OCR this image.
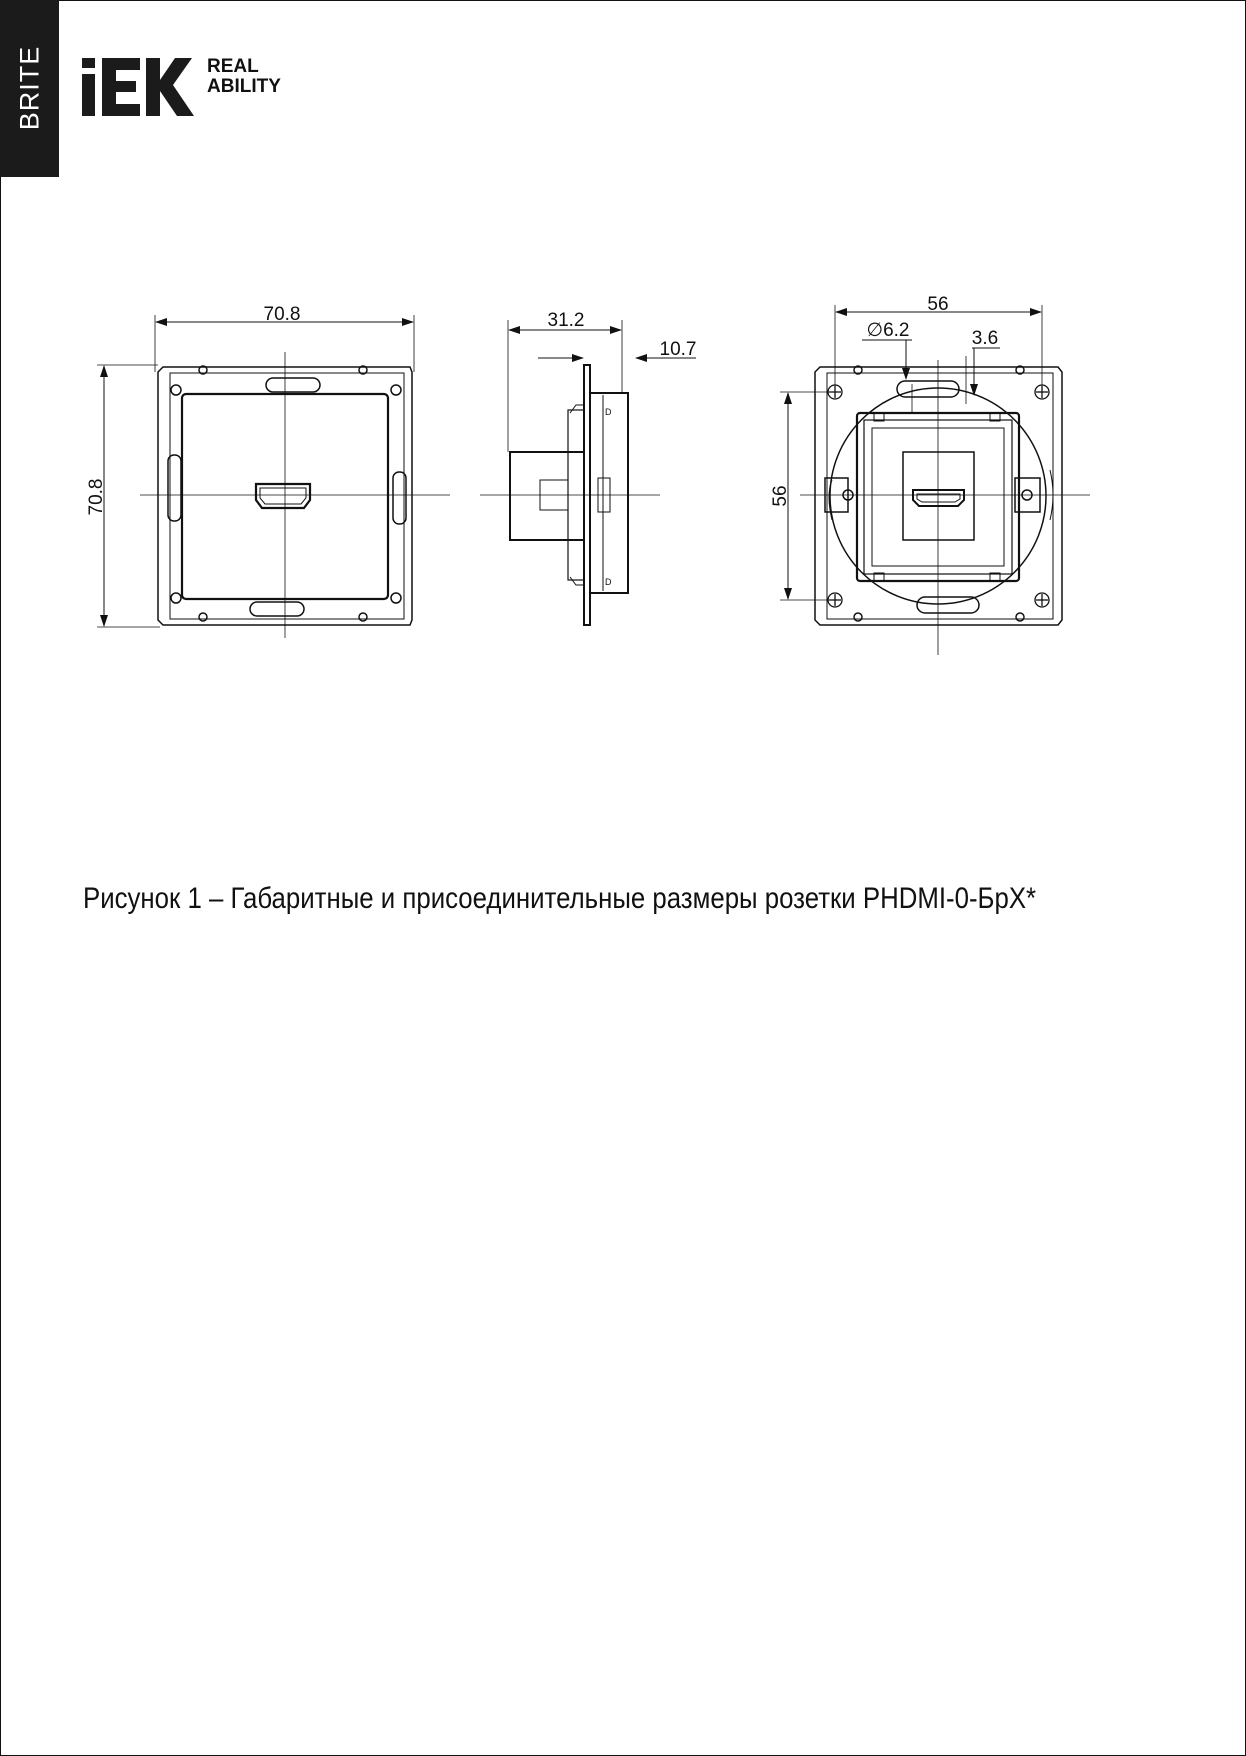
BRITE	REAL
ABILITY
70.8
70.8
D
D
31.2
10.7
56
56
∅6.2	3.6
Рисунок 1 – Габаритные и присоединительные размеры розетки PHDMI-0-БрХ*
